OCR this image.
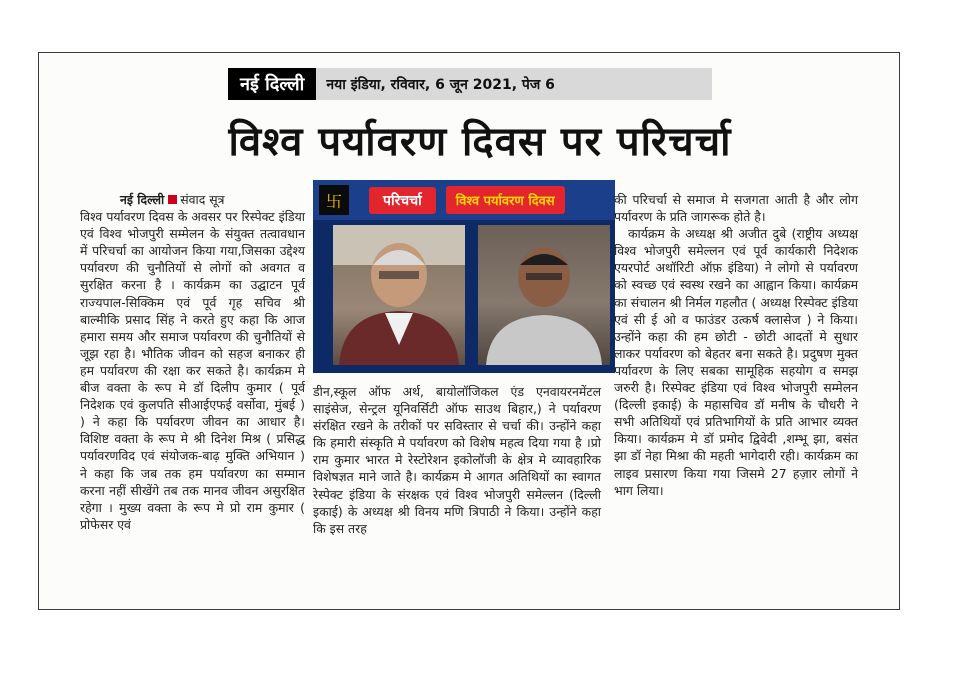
नई दिल्ली	नया इंडिया, रविवार, 6 जून 2021, पेज 6
विश्व पर्यावरण दिवस पर परिचर्चा
नई दिल्ली संवाद सूत्र

विश्व पर्यावरण दिवस के अवसर पर रिस्पेक्ट इंडिया एवं विश्व भोजपुरी सम्मेलन के संयुक्त तत्वावधान में परिचर्चा का आयोजन किया गया,जिसका उद्देश्य पर्यावरण की चुनौतियों से लोगों को अवगत व सुरक्षित करना है । कार्यक्रम का उद्घाटन पूर्व राज्यपाल-सिक्किम एवं पूर्व गृह सचिव श्री बाल्मीकि प्रसाद सिंह ने करते हुए कहा कि आज हमारा समय और समाज पर्यावरण की चुनौतियों से जूझ रहा है। भौतिक जीवन को सहज बनाकर ही हम पर्यावरण की रक्षा कर सकते है। कार्यक्रम मे बीज वक्ता के रूप मे डॉ दिलीप कुमार ( पूर्व निदेशक एवं कुलपति सीआईएफई वर्सोवा, मुंबई ) ) ने कहा कि पर्यावरण जीवन का आधार है। विशिष्ट वक्ता के रूप मे श्री दिनेश मिश्र ( प्रसिद्ध पर्यावरणविद एवं संयोजक-बाढ़ मुक्ति अभियान ) ने कहा कि जब तक हम पर्यावरण का सम्मान करना नहीं सीखेंगे तब तक मानव जीवन असुरक्षित रहेगा । मुख्य वक्ता के रूप मे प्रो राम कुमार ( प्रोफेसर एवं

卐	परिचर्चा	विश्व पर्यावरण दिवस

डीन,स्कूल ऑफ अर्थ, बायोलॉजिकल एंड एनवायरनमेंटल साइंसेज, सेन्ट्रल यूनिवर्सिटी ऑफ साउथ बिहार,) ने पर्यावरण संरक्षित रखने के तरीकों पर सविस्तार से चर्चा की। उन्होंने कहा कि हमारी संस्कृति मे पर्यावरण को विशेष महत्व दिया गया है ।प्रो राम कुमार भारत मे रेस्टोरेशन इकोलॉजी के क्षेत्र मे व्यावहारिक विशेषज्ञत माने जाते है। कार्यक्रम मे आगत अतिथियों का स्वागत रेस्पेक्ट इंडिया के संरक्षक एवं विश्व भोजपुरी समेल्लन (दिल्ली इकाई) के अध्यक्ष श्री विनय मणि त्रिपाठी ने किया। उन्होंने कहा कि इस तरह

की परिचर्चा से समाज मे सजगता आती है और लोग पर्यावरण के प्रति जागरूक होते है।

कार्यक्रम के अध्यक्ष श्री अजीत दुबे (राष्ट्रीय अध्यक्ष विश्व भोजपुरी समेल्लन एवं पूर्व कार्यकारी निदेशक एयरपोर्ट अथॉरिटी ऑफ़ इंडिया) ने लोगो से पर्यावरण को स्वच्छ एवं स्वस्थ रखने का आह्वान किया। कार्यक्रम का संचालन श्री निर्मल गहलौत ( अध्यक्ष रिस्पेक्ट इंडिया एवं सी ई ओ व फाउंडर उत्कर्ष क्लासेज ) ने किया। उन्होंने कहा की हम छोटी - छोटी आदतों मे सुधार लाकर पर्यावरण को बेहतर बना सकते है। प्रदुषण मुक्त पर्यावरण के लिए सबका सामूहिक सहयोग व समझ जरुरी है। रिस्पेक्ट इंडिया एवं विश्व भोजपुरी सम्मेलन (दिल्ली इकाई) के महासचिव डॉ मनीष के चौधरी ने सभी अतिथियों एवं प्रतिभागियों के प्रति आभार व्यक्त किया। कार्यक्रम मे डॉ प्रमोद द्विवेदी ,शम्भू झा, बसंत झा डॉ नेहा मिश्रा की महती भागेदारी रही। कार्यक्रम का लाइव प्रसारण किया गया जिसमे 27 हज़ार लोगों ने भाग लिया।
